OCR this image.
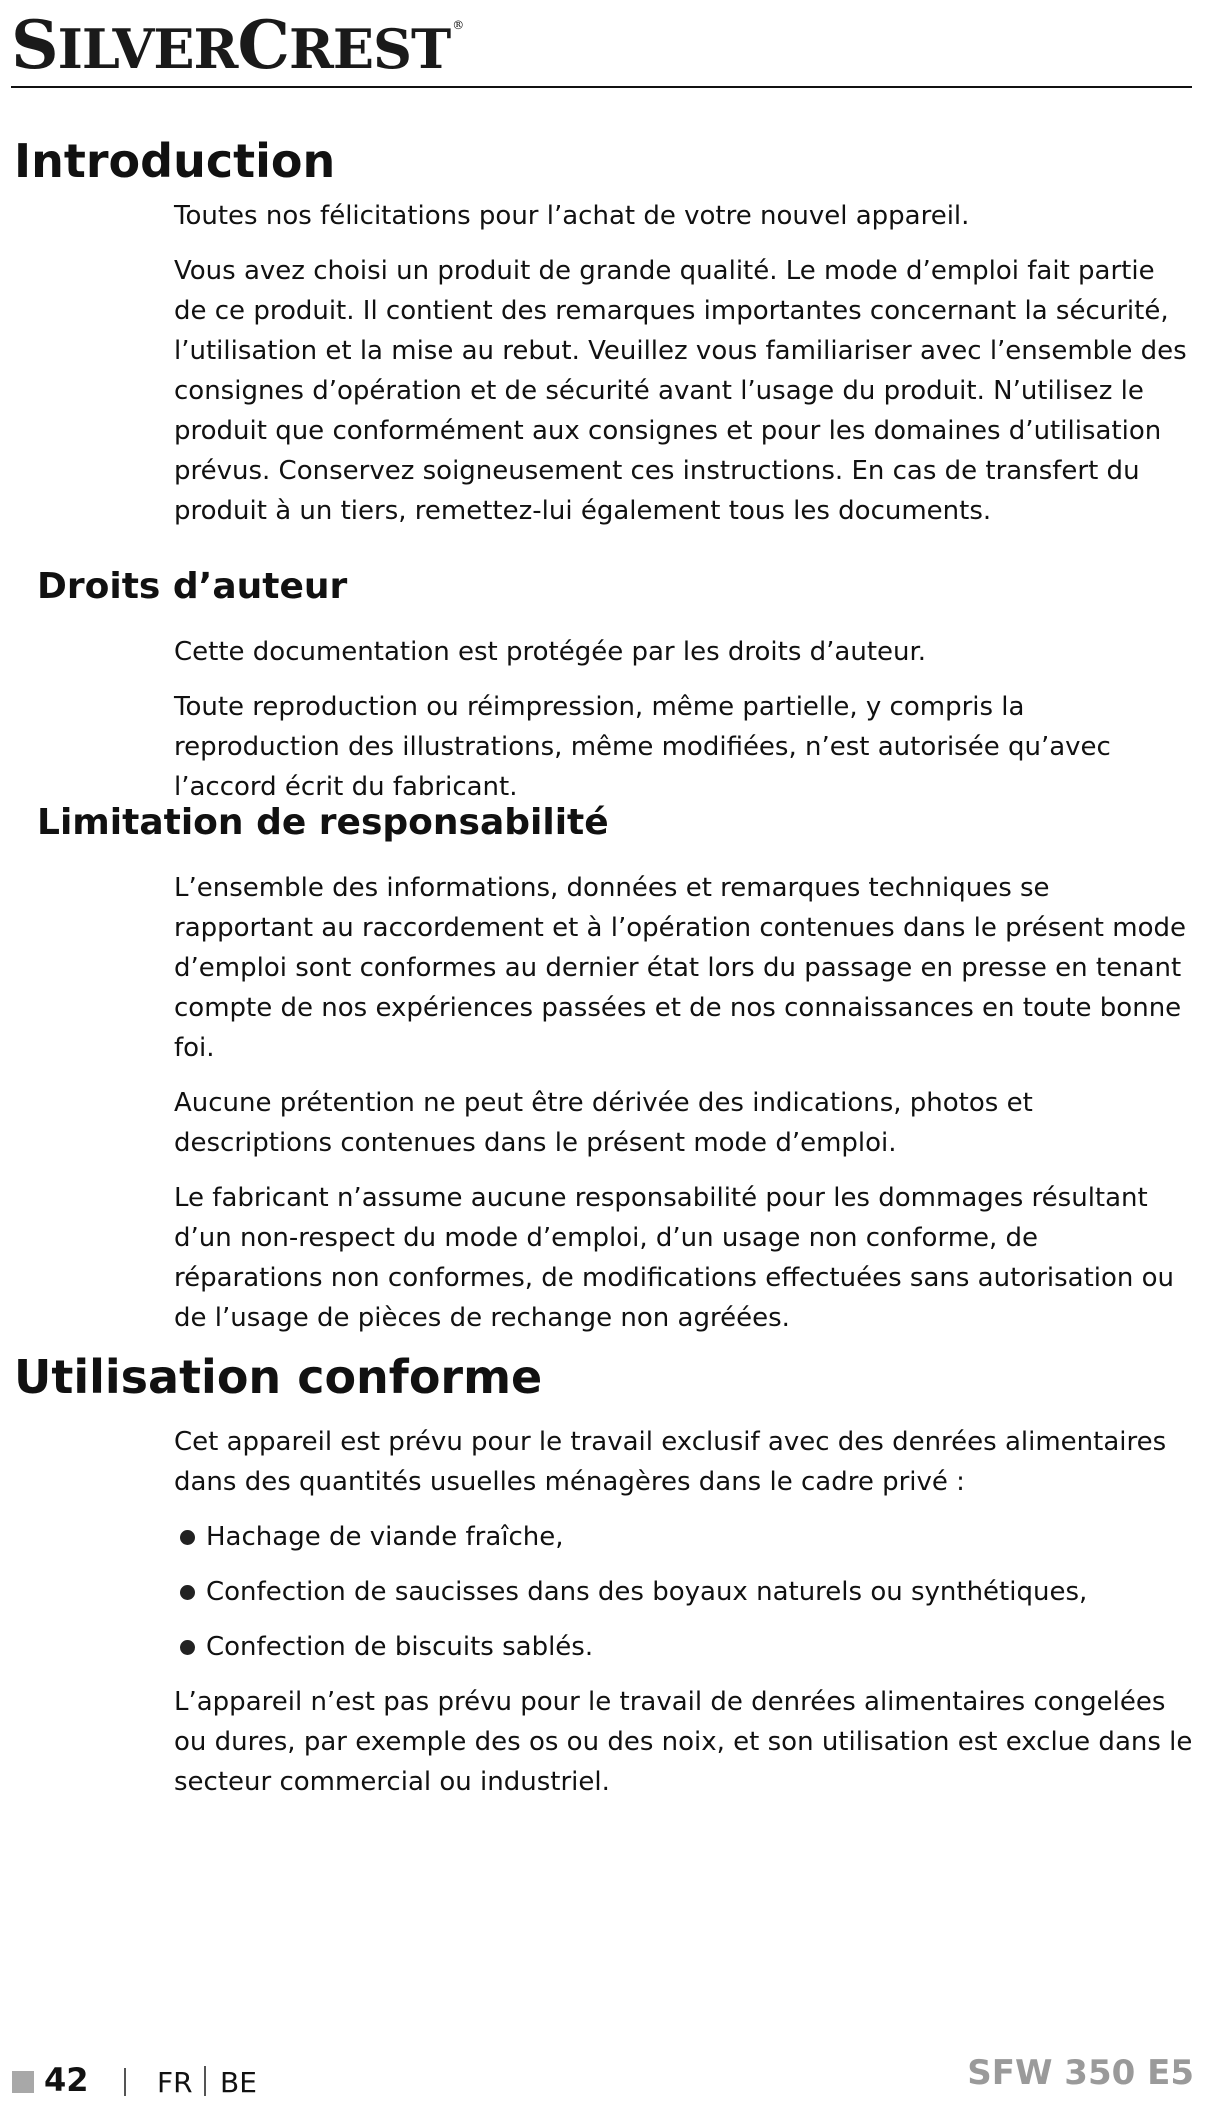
SILVERCREST ®
Introduction

Toutes nos félicitations pour l’achat de votre nouvel appareil.

Vous avez choisi un produit de grande qualité. Le mode d’emploi fait partie de ce produit. Il contient des remarques importantes concernant la sécurité, l’utilisation et la mise au rebut. Veuillez vous familiariser avec l’ensemble des consignes d’opération et de sécurité avant l’usage du produit. N’utilisez le produit que conformément aux consignes et pour les domaines d’utilisation prévus. Conservez soigneusement ces instructions. En cas de transfert du produit à un tiers, remettez-lui également tous les documents.

Droits d’auteur

Cette documentation est protégée par les droits d’auteur.

Toute reproduction ou réimpression, même partielle, y compris la reproduction des illustrations, même modifiées, n’est autorisée qu’avec l’accord écrit du fabricant.

Limitation de responsabilité

L’ensemble des informations, données et remarques techniques se rapportant au raccordement et à l’opération contenues dans le présent mode d’emploi sont conformes au dernier état lors du passage en presse en tenant compte de nos expériences passées et de nos connaissances en toute bonne foi.

Aucune prétention ne peut être dérivée des indications, photos et descriptions contenues dans le présent mode d’emploi.

Le fabricant n’assume aucune responsabilité pour les dommages résultant d’un non-respect du mode d’emploi, d’un usage non conforme, de réparations non conformes, de modifications effectuées sans autorisation ou de l’usage de pièces de rechange non agréées.

Utilisation conforme

Cet appareil est prévu pour le travail exclusif avec des denrées alimentaires dans des quantités usuelles ménagères dans le cadre privé :

Hachage de viande fraîche,
Confection de saucisses dans des boyaux naturels ou synthétiques,
Confection de biscuits sablés.

L’appareil n’est pas prévu pour le travail de denrées alimentaires congelées ou dures, par exemple des os ou des noix, et son utilisation est exclue dans le secteur commercial ou industriel.

42 FR BE	SFW 350 E5
